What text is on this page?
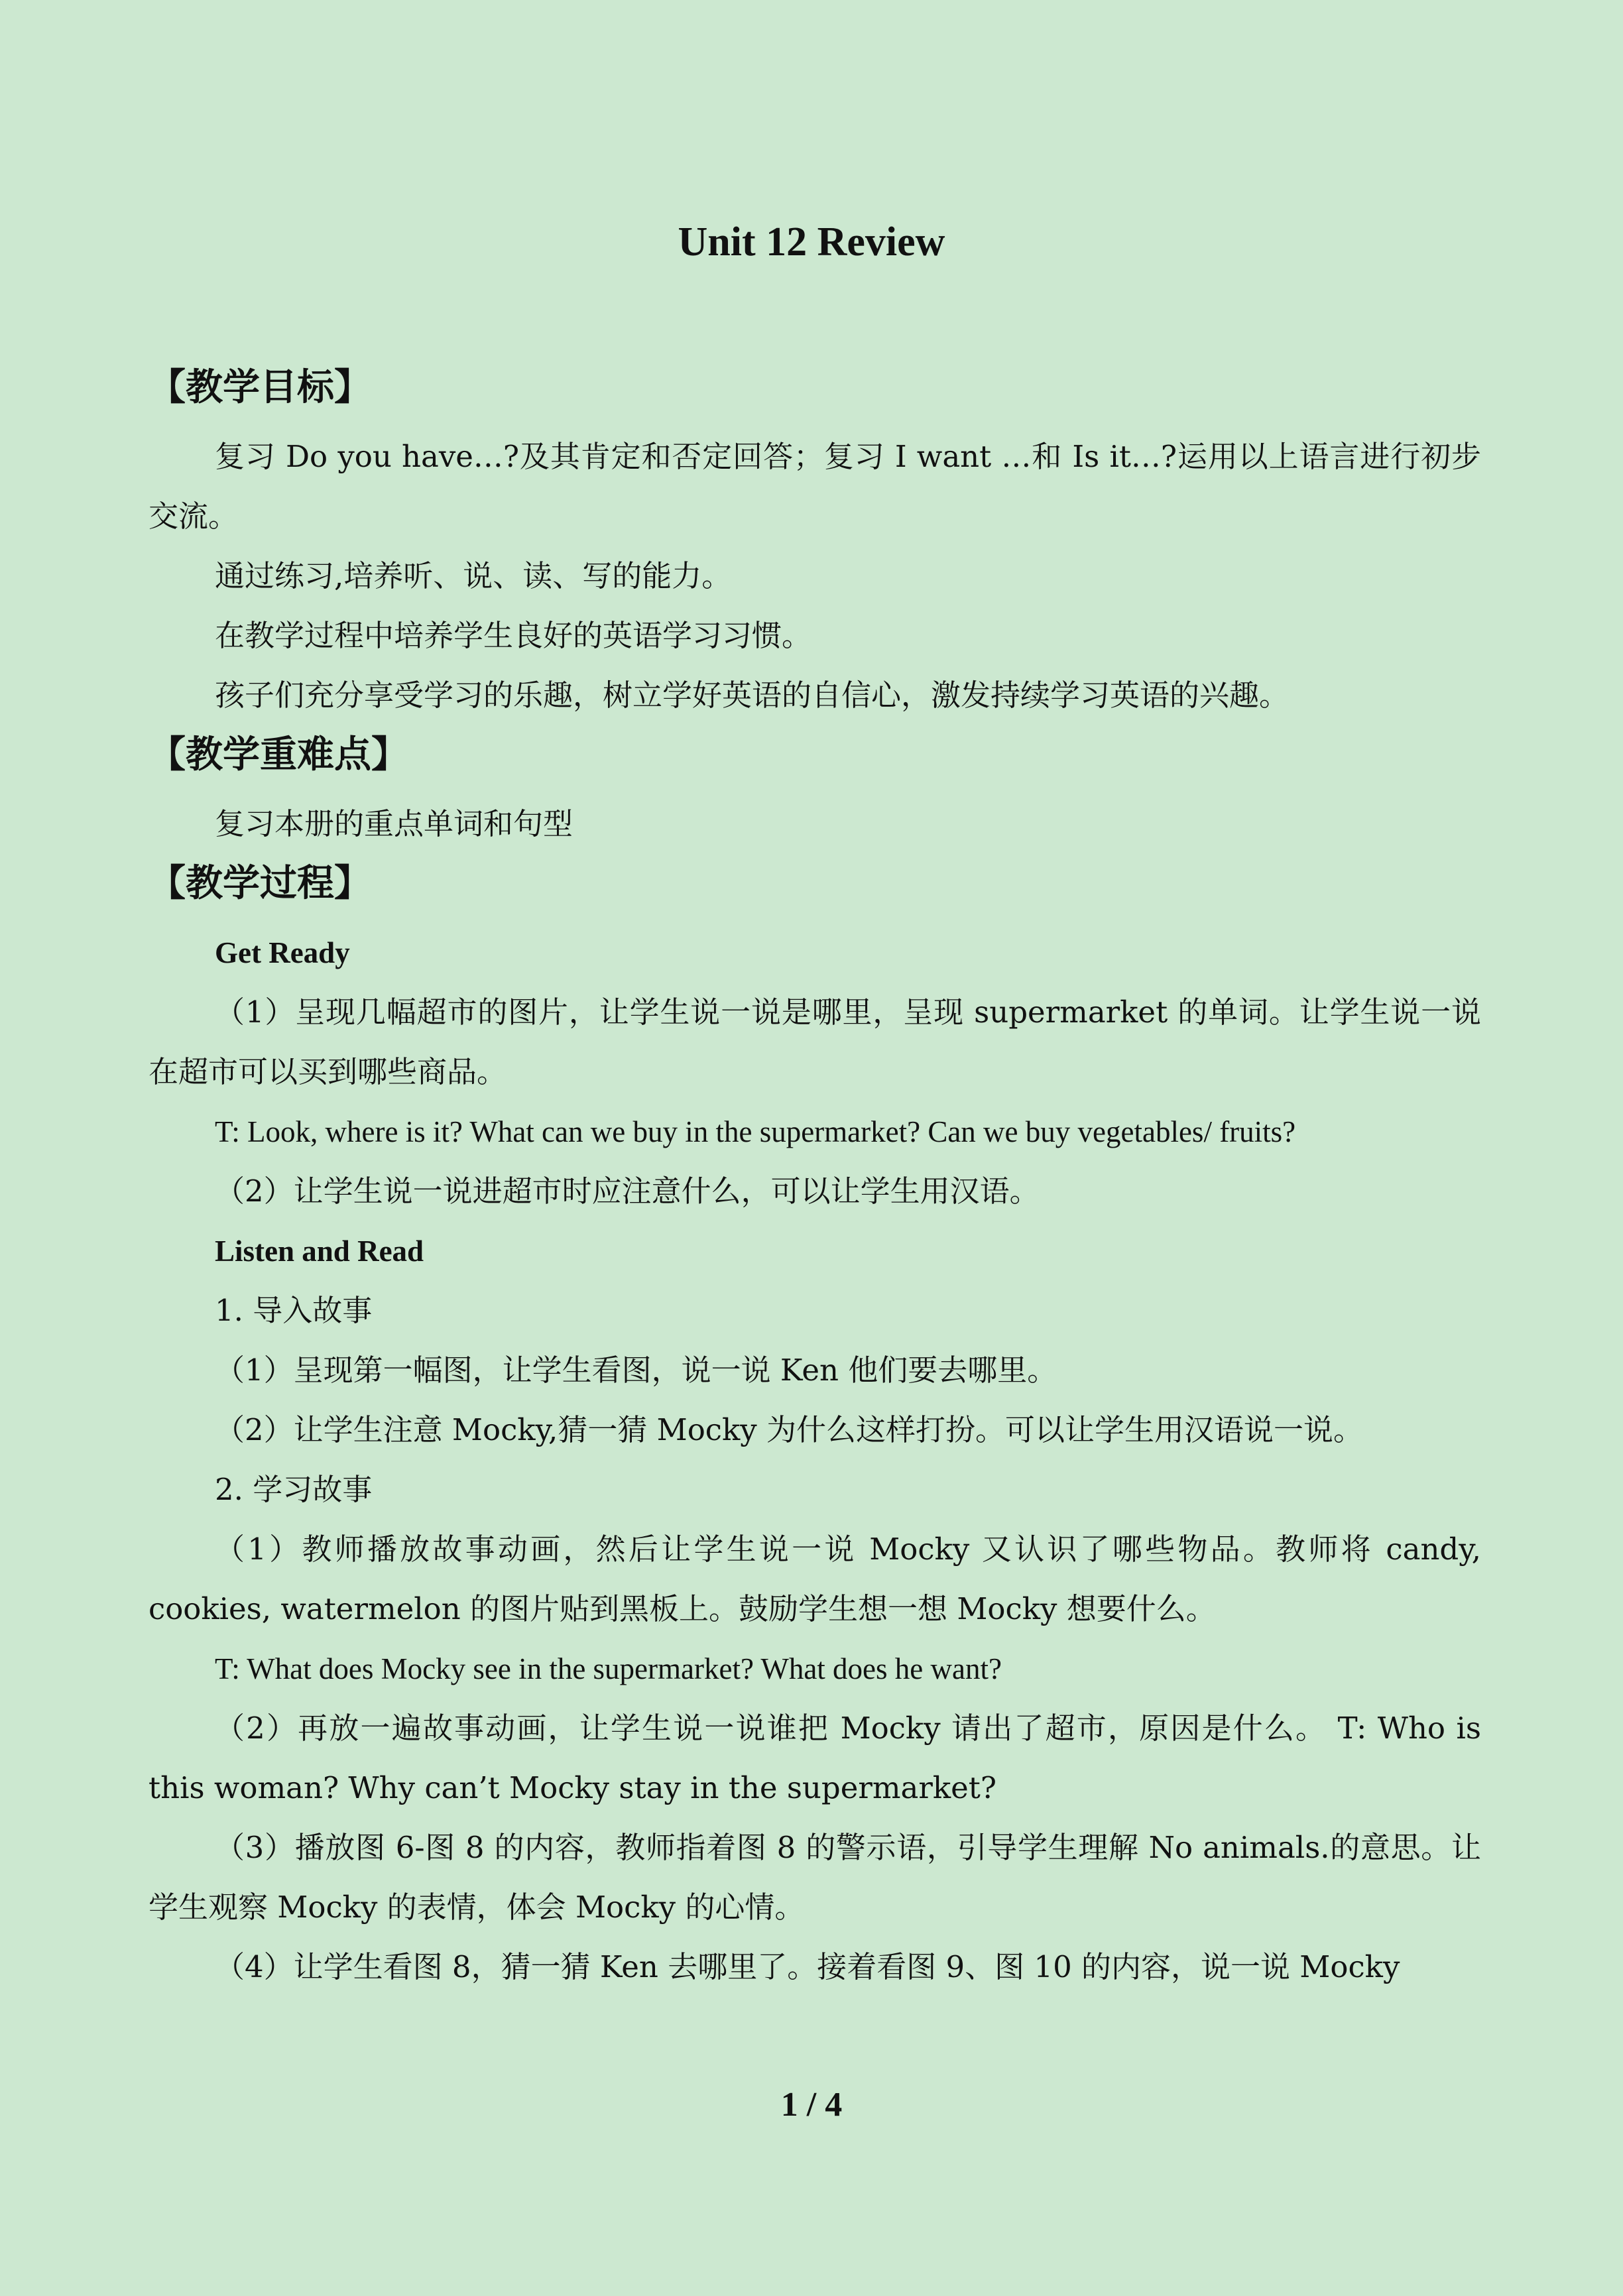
Unit 12 Review
【教学目标】

复习 Do you have…?及其肯定和否定回答；复习 I want …和 Is it…?运用以上语言进行初步交流。

通过练习,培养听、说、读、写的能力。

在教学过程中培养学生良好的英语学习习惯。

孩子们充分享受学习的乐趣，树立学好英语的自信心，激发持续学习英语的兴趣。

【教学重难点】

复习本册的重点单词和句型

【教学过程】

Get Ready

（1）呈现几幅超市的图片，让学生说一说是哪里，呈现 supermarket 的单词。让学生说一说在超市可以买到哪些商品。

T: Look, where is it? What can we buy in the supermarket? Can we buy vegetables/ fruits?

（2）让学生说一说进超市时应注意什么，可以让学生用汉语。

Listen and Read

1. 导入故事

（1）呈现第一幅图，让学生看图，说一说 Ken 他们要去哪里。

（2）让学生注意 Mocky,猜一猜 Mocky 为什么这样打扮。可以让学生用汉语说一说。

2. 学习故事

（1）教师播放故事动画，然后让学生说一说 Mocky 又认识了哪些物品。教师将 candy, cookies, watermelon 的图片贴到黑板上。鼓励学生想一想 Mocky 想要什么。

T: What does Mocky see in the supermarket? What does he want?

（2）再放一遍故事动画，让学生说一说谁把 Mocky 请出了超市，原因是什么。 T: Who is this woman? Why can’t Mocky stay in the supermarket?

（3）播放图 6-图 8 的内容，教师指着图 8 的警示语，引导学生理解 No animals.的意思。让学生观察 Mocky 的表情，体会 Mocky 的心情。

（4）让学生看图 8，猜一猜 Ken 去哪里了。接着看图 9、图 10 的内容，说一说 Mocky

1 / 4
